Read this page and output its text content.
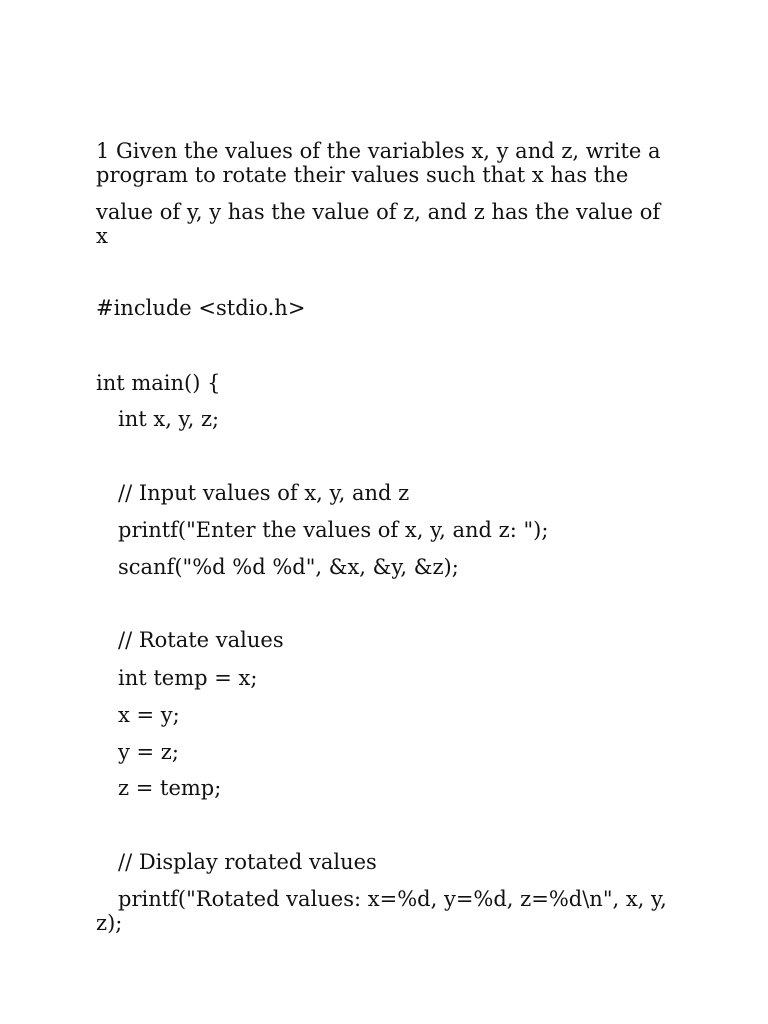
1 Given the values of the variables x, y and z, write a

program to rotate their values such that x has the

value of y, y has the value of z, and z has the value of

x

#include <stdio.h>

int main() {

int x, y, z;

// Input values of x, y, and z

printf("Enter the values of x, y, and z: ");

scanf("%d %d %d", &x, &y, &z);

// Rotate values

int temp = x;

x = y;

y = z;

z = temp;

// Display rotated values

printf("Rotated values: x=%d, y=%d, z=%d\n", x, y,

z);
